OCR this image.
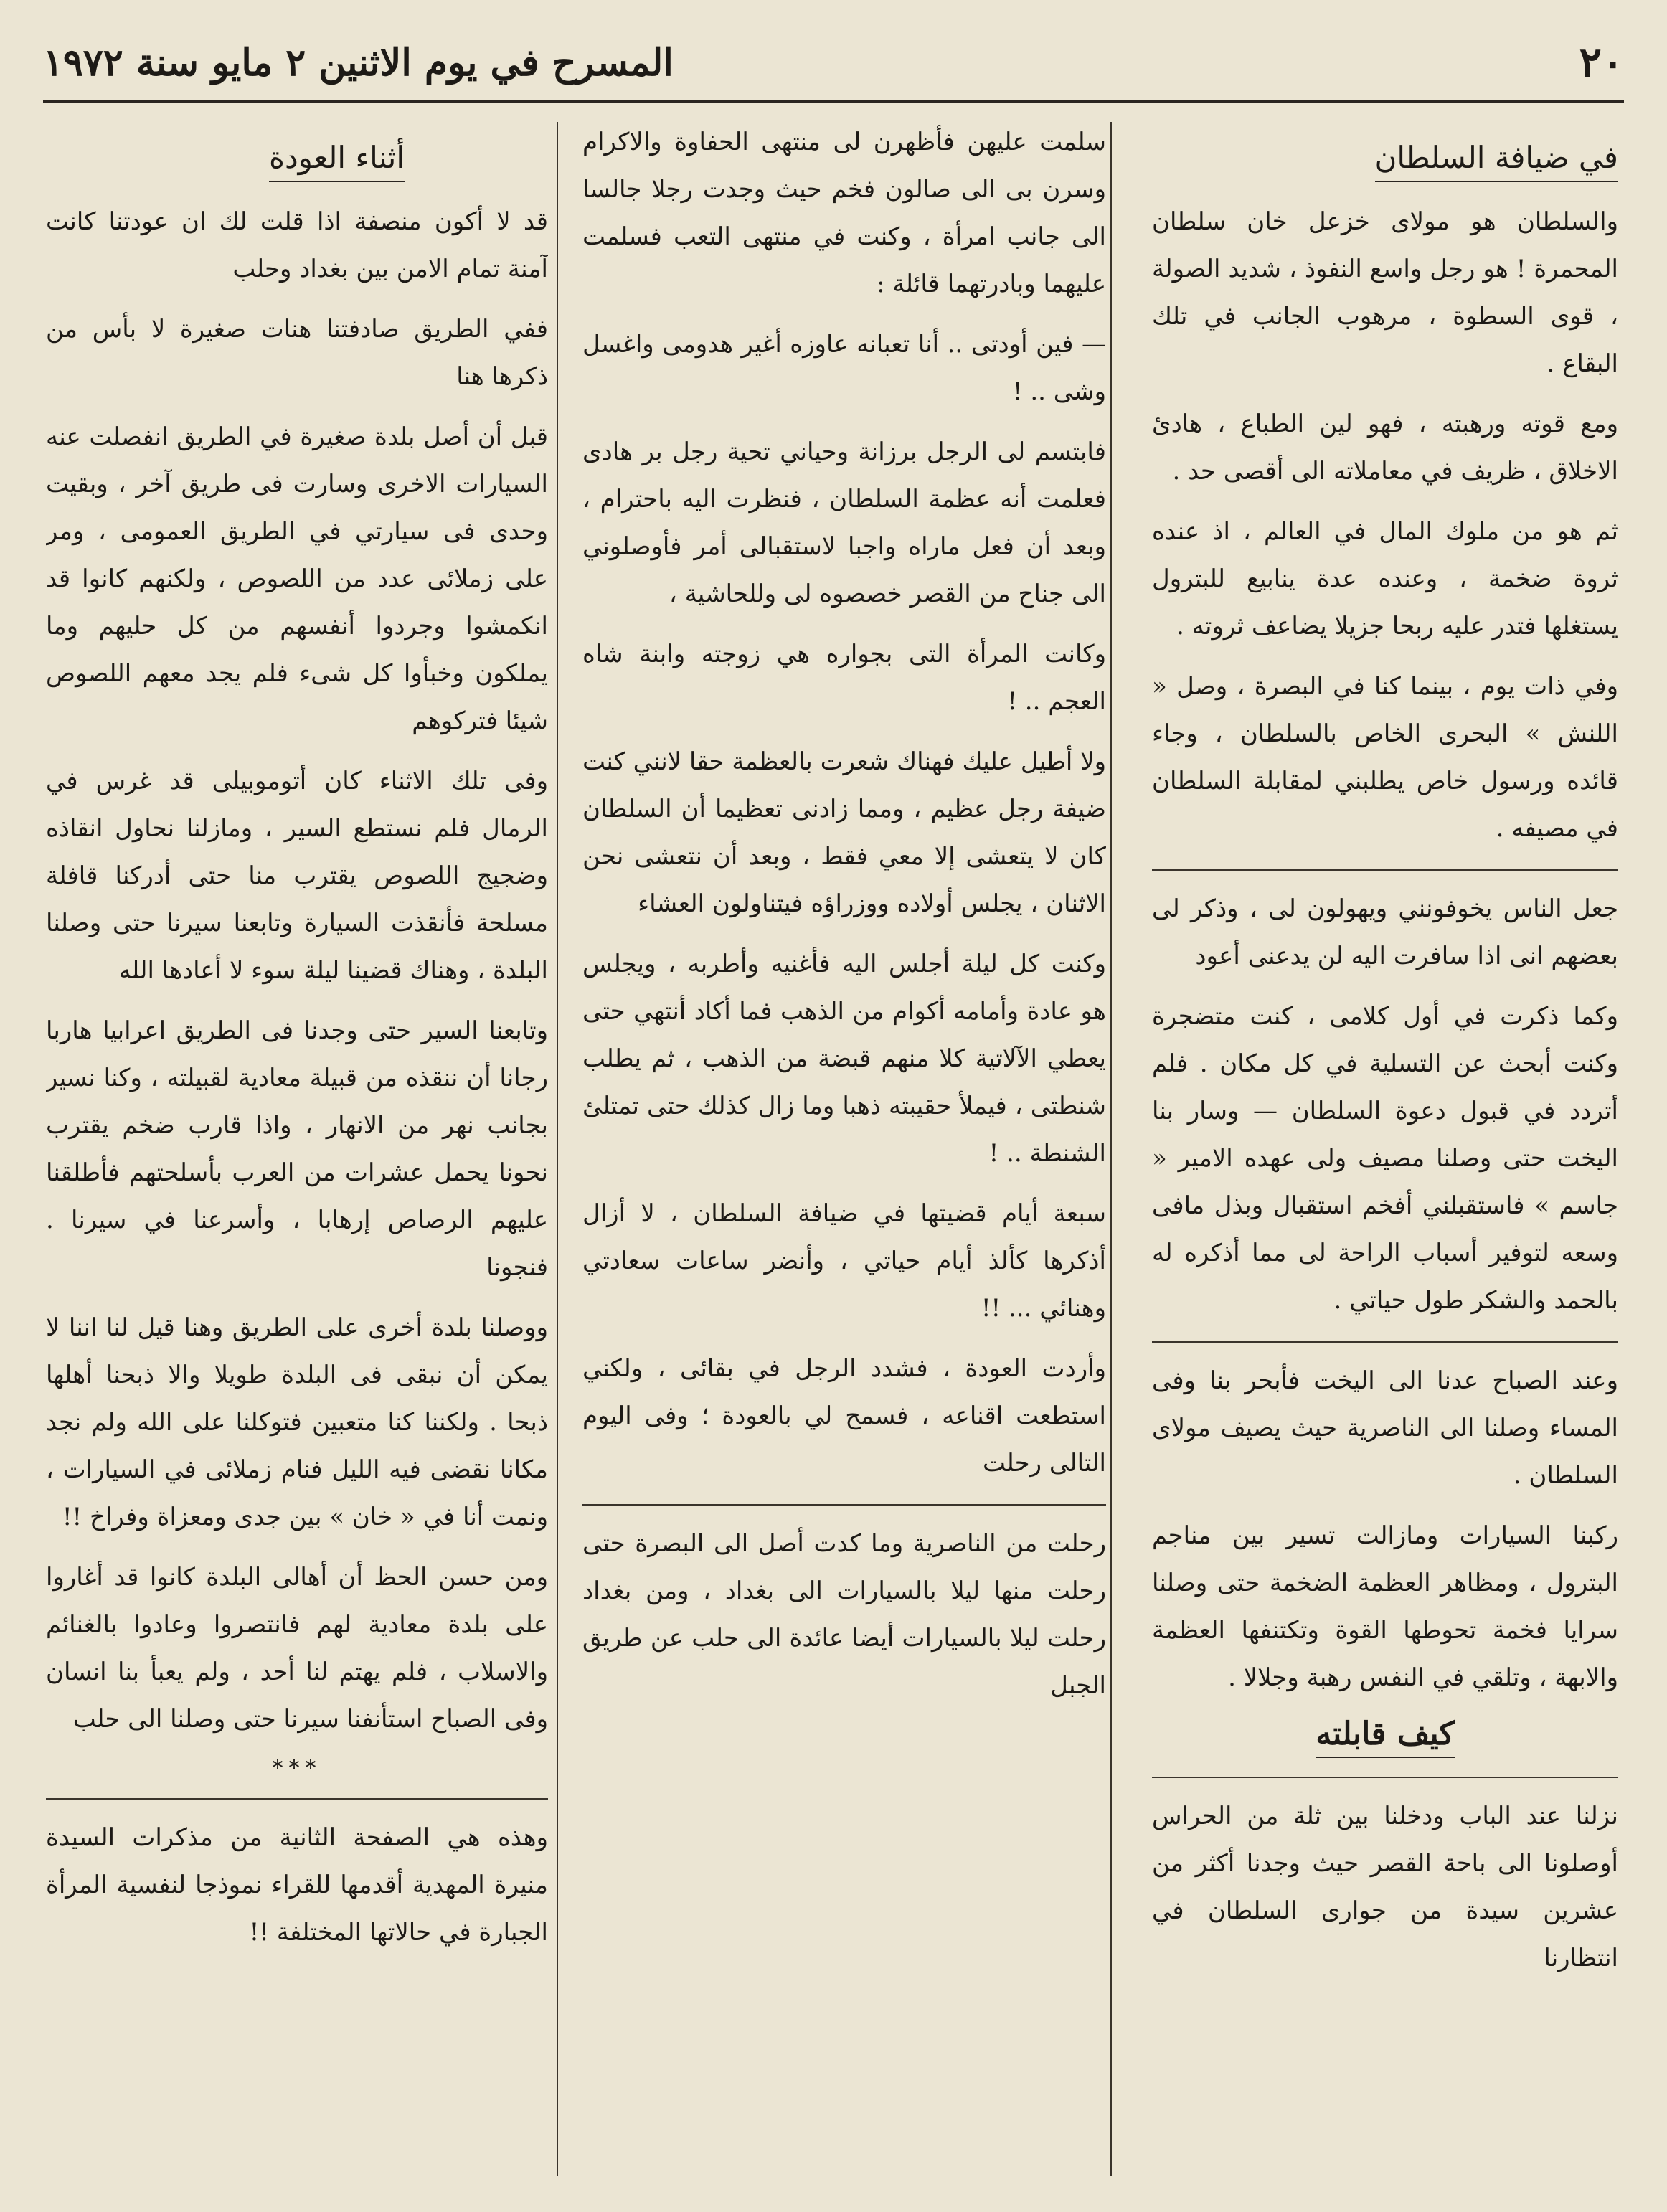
٢٠
المسرح في يوم الاثنين ٢ مايو سنة ١٩٧٢
في ضيافة السلطان

والسلطان هو مولاى خزعل خان سلطان المحمرة ! هو رجل واسع النفوذ ، شديد الصولة ، قوى السطوة ، مرهوب الجانب في تلك البقاع .

ومع قوته ورهبته ، فهو لين الطباع ، هادئ الاخلاق ، ظريف في معاملاته الى أقصى حد .

ثم هو من ملوك المال في العالم ، اذ عنده ثروة ضخمة ، وعنده عدة ينابيع للبترول يستغلها فتدر عليه ربحا جزيلا يضاعف ثروته .

وفي ذات يوم ، بينما كنا في البصرة ، وصل « اللنش » البحرى الخاص بالسلطان ، وجاء قائده ورسول خاص يطلبني لمقابلة السلطان في مصيفه .

جعل الناس يخوفونني ويهولون لى ، وذكر لى بعضهم انى اذا سافرت اليه لن يدعنى أعود

وكما ذكرت في أول كلامى ، كنت متضجرة وكنت أبحث عن التسلية في كل مكان . فلم أتردد في قبول دعوة السلطان — وسار بنا اليخت حتى وصلنا مصيف ولى عهده الامير « جاسم » فاستقبلني أفخم استقبال وبذل مافى وسعه لتوفير أسباب الراحة لى مما أذكره له بالحمد والشكر طول حياتي .

وعند الصباح عدنا الى اليخت فأبحر بنا وفى المساء وصلنا الى الناصرية حيث يصيف مولاى السلطان .

ركبنا السيارات ومازالت تسير بين مناجم البترول ، ومظاهر العظمة الضخمة حتى وصلنا سرايا فخمة تحوطها القوة وتكتنفها العظمة والابهة ، وتلقي في النفس رهبة وجلالا .

كيف قابلته

نزلنا عند الباب ودخلنا بين ثلة من الحراس أوصلونا الى باحة القصر حيث وجدنا أكثر من عشرين سيدة من جوارى السلطان في انتظارنا

سلمت عليهن فأظهرن لى منتهى الحفاوة والاكرام وسرن بى الى صالون فخم حيث وجدت رجلا جالسا الى جانب امرأة ، وكنت في منتهى التعب فسلمت عليهما وبادرتهما قائلة :

— فين أودتى .. أنا تعبانه عاوزه أغير هدومى واغسل وشى .. !

فابتسم لى الرجل برزانة وحياني تحية رجل بر هادى فعلمت أنه عظمة السلطان ، فنظرت اليه باحترام ، وبعد أن فعل ماراه واجبا لاستقبالى أمر فأوصلوني الى جناح من القصر خصصوه لى وللحاشية ،

وكانت المرأة التى بجواره هي زوجته وابنة شاه العجم .. !

ولا أطيل عليك فهناك شعرت بالعظمة حقا لانني كنت ضيفة رجل عظيم ، ومما زادنى تعظيما أن السلطان كان لا يتعشى إلا معي فقط ، وبعد أن نتعشى نحن الاثنان ، يجلس أولاده ووزراؤه فيتناولون العشاء

وكنت كل ليلة أجلس اليه فأغنيه وأطربه ، ويجلس هو عادة وأمامه أكوام من الذهب فما أكاد أنتهي حتى يعطي الآلاتية كلا منهم قبضة من الذهب ، ثم يطلب شنطتى ، فيملأ حقيبته ذهبا وما زال كذلك حتى تمتلئ الشنطة .. !

سبعة أيام قضيتها في ضيافة السلطان ، لا أزال أذكرها كألذ أيام حياتي ، وأنضر ساعات سعادتي وهنائي ... !!

وأردت العودة ، فشدد الرجل في بقائى ، ولكني استطعت اقناعه ، فسمح لي بالعودة ؛ وفى اليوم التالى رحلت

رحلت من الناصرية وما كدت أصل الى البصرة حتى رحلت منها ليلا بالسيارات الى بغداد ، ومن بغداد رحلت ليلا بالسيارات أيضا عائدة الى حلب عن طريق الجبل

أثناء العودة

قد لا أكون منصفة اذا قلت لك ان عودتنا كانت آمنة تمام الامن بين بغداد وحلب

ففي الطريق صادفتنا هنات صغيرة لا بأس من ذكرها هنا

قبل أن أصل بلدة صغيرة في الطريق انفصلت عنه السيارات الاخرى وسارت فى طريق آخر ، وبقيت وحدى فى سيارتي في الطريق العمومى ، ومر على زملائى عدد من اللصوص ، ولكنهم كانوا قد انكمشوا وجردوا أنفسهم من كل حليهم وما يملكون وخبأوا كل شىء فلم يجد معهم اللصوص شيئا فتركوهم

وفى تلك الاثناء كان أتوموبيلى قد غرس في الرمال فلم نستطع السير ، ومازلنا نحاول انقاذه وضجيج اللصوص يقترب منا حتى أدركنا قافلة مسلحة فأنقذت السيارة وتابعنا سيرنا حتى وصلنا البلدة ، وهناك قضينا ليلة سوء لا أعادها الله

وتابعنا السير حتى وجدنا فى الطريق اعرابيا هاربا رجانا أن ننقذه من قبيلة معادية لقبيلته ، وكنا نسير بجانب نهر من الانهار ، واذا قارب ضخم يقترب نحونا يحمل عشرات من العرب بأسلحتهم فأطلقنا عليهم الرصاص إرهابا ، وأسرعنا في سيرنا . فنجونا

ووصلنا بلدة أخرى على الطريق وهنا قيل لنا اننا لا يمكن أن نبقى فى البلدة طويلا والا ذبحنا أهلها ذبحا . ولكننا كنا متعبين فتوكلنا على الله ولم نجد مكانا نقضى فيه الليل فنام زملائى في السيارات ، ونمت أنا في « خان » بين جدى ومعزاة وفراخ !!

ومن حسن الحظ أن أهالى البلدة كانوا قد أغاروا على بلدة معادية لهم فانتصروا وعادوا بالغنائم والاسلاب ، فلم يهتم لنا أحد ، ولم يعبأ بنا انسان وفى الصباح استأنفنا سيرنا حتى وصلنا الى حلب

***

وهذه هي الصفحة الثانية من مذكرات السيدة منيرة المهدية أقدمها للقراء نموذجا لنفسية المرأة الجبارة في حالاتها المختلفة !!
